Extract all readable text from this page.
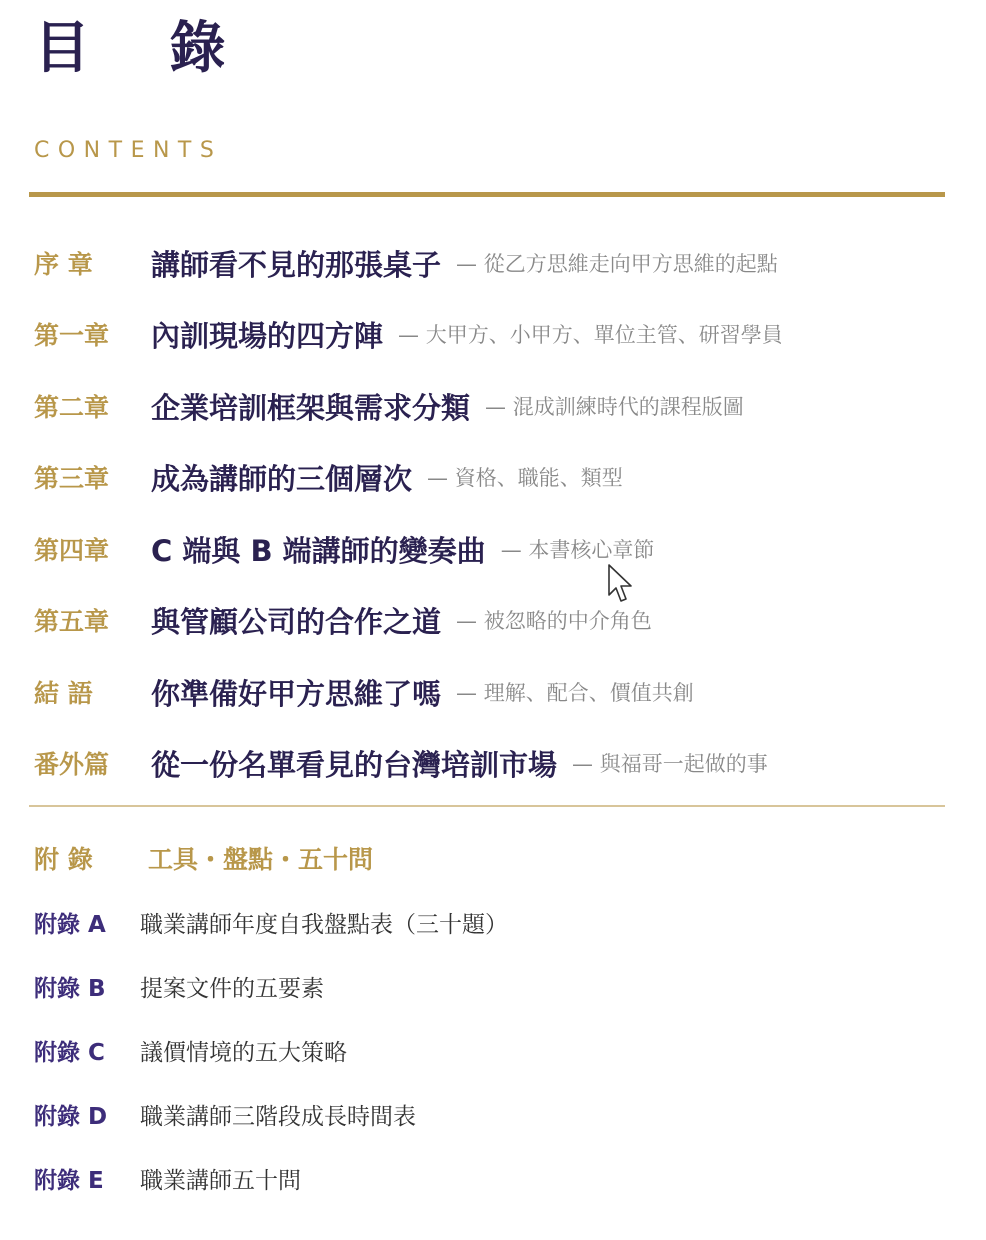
目 錄
CONTENTS
序 章	講師看不見的那張桌子 — 從乙方思維走向甲方思維的起點
第一章	內訓現場的四方陣 — 大甲方、小甲方、單位主管、研習學員
第二章	企業培訓框架與需求分類 — 混成訓練時代的課程版圖
第三章	成為講師的三個層次 — 資格、職能、類型
第四章	C 端與 B 端講師的變奏曲 — 本書核心章節
第五章	與管顧公司的合作之道 — 被忽略的中介角色
結 語	你準備好甲方思維了嗎 — 理解、配合、價值共創
番外篇	從一份名單看見的台灣培訓市場 — 與福哥一起做的事
附 錄	工具・盤點・五十問
附錄 A	職業講師年度自我盤點表（三十題）
附錄 B	提案文件的五要素
附錄 C	議價情境的五大策略
附錄 D	職業講師三階段成長時間表
附錄 E	職業講師五十問
